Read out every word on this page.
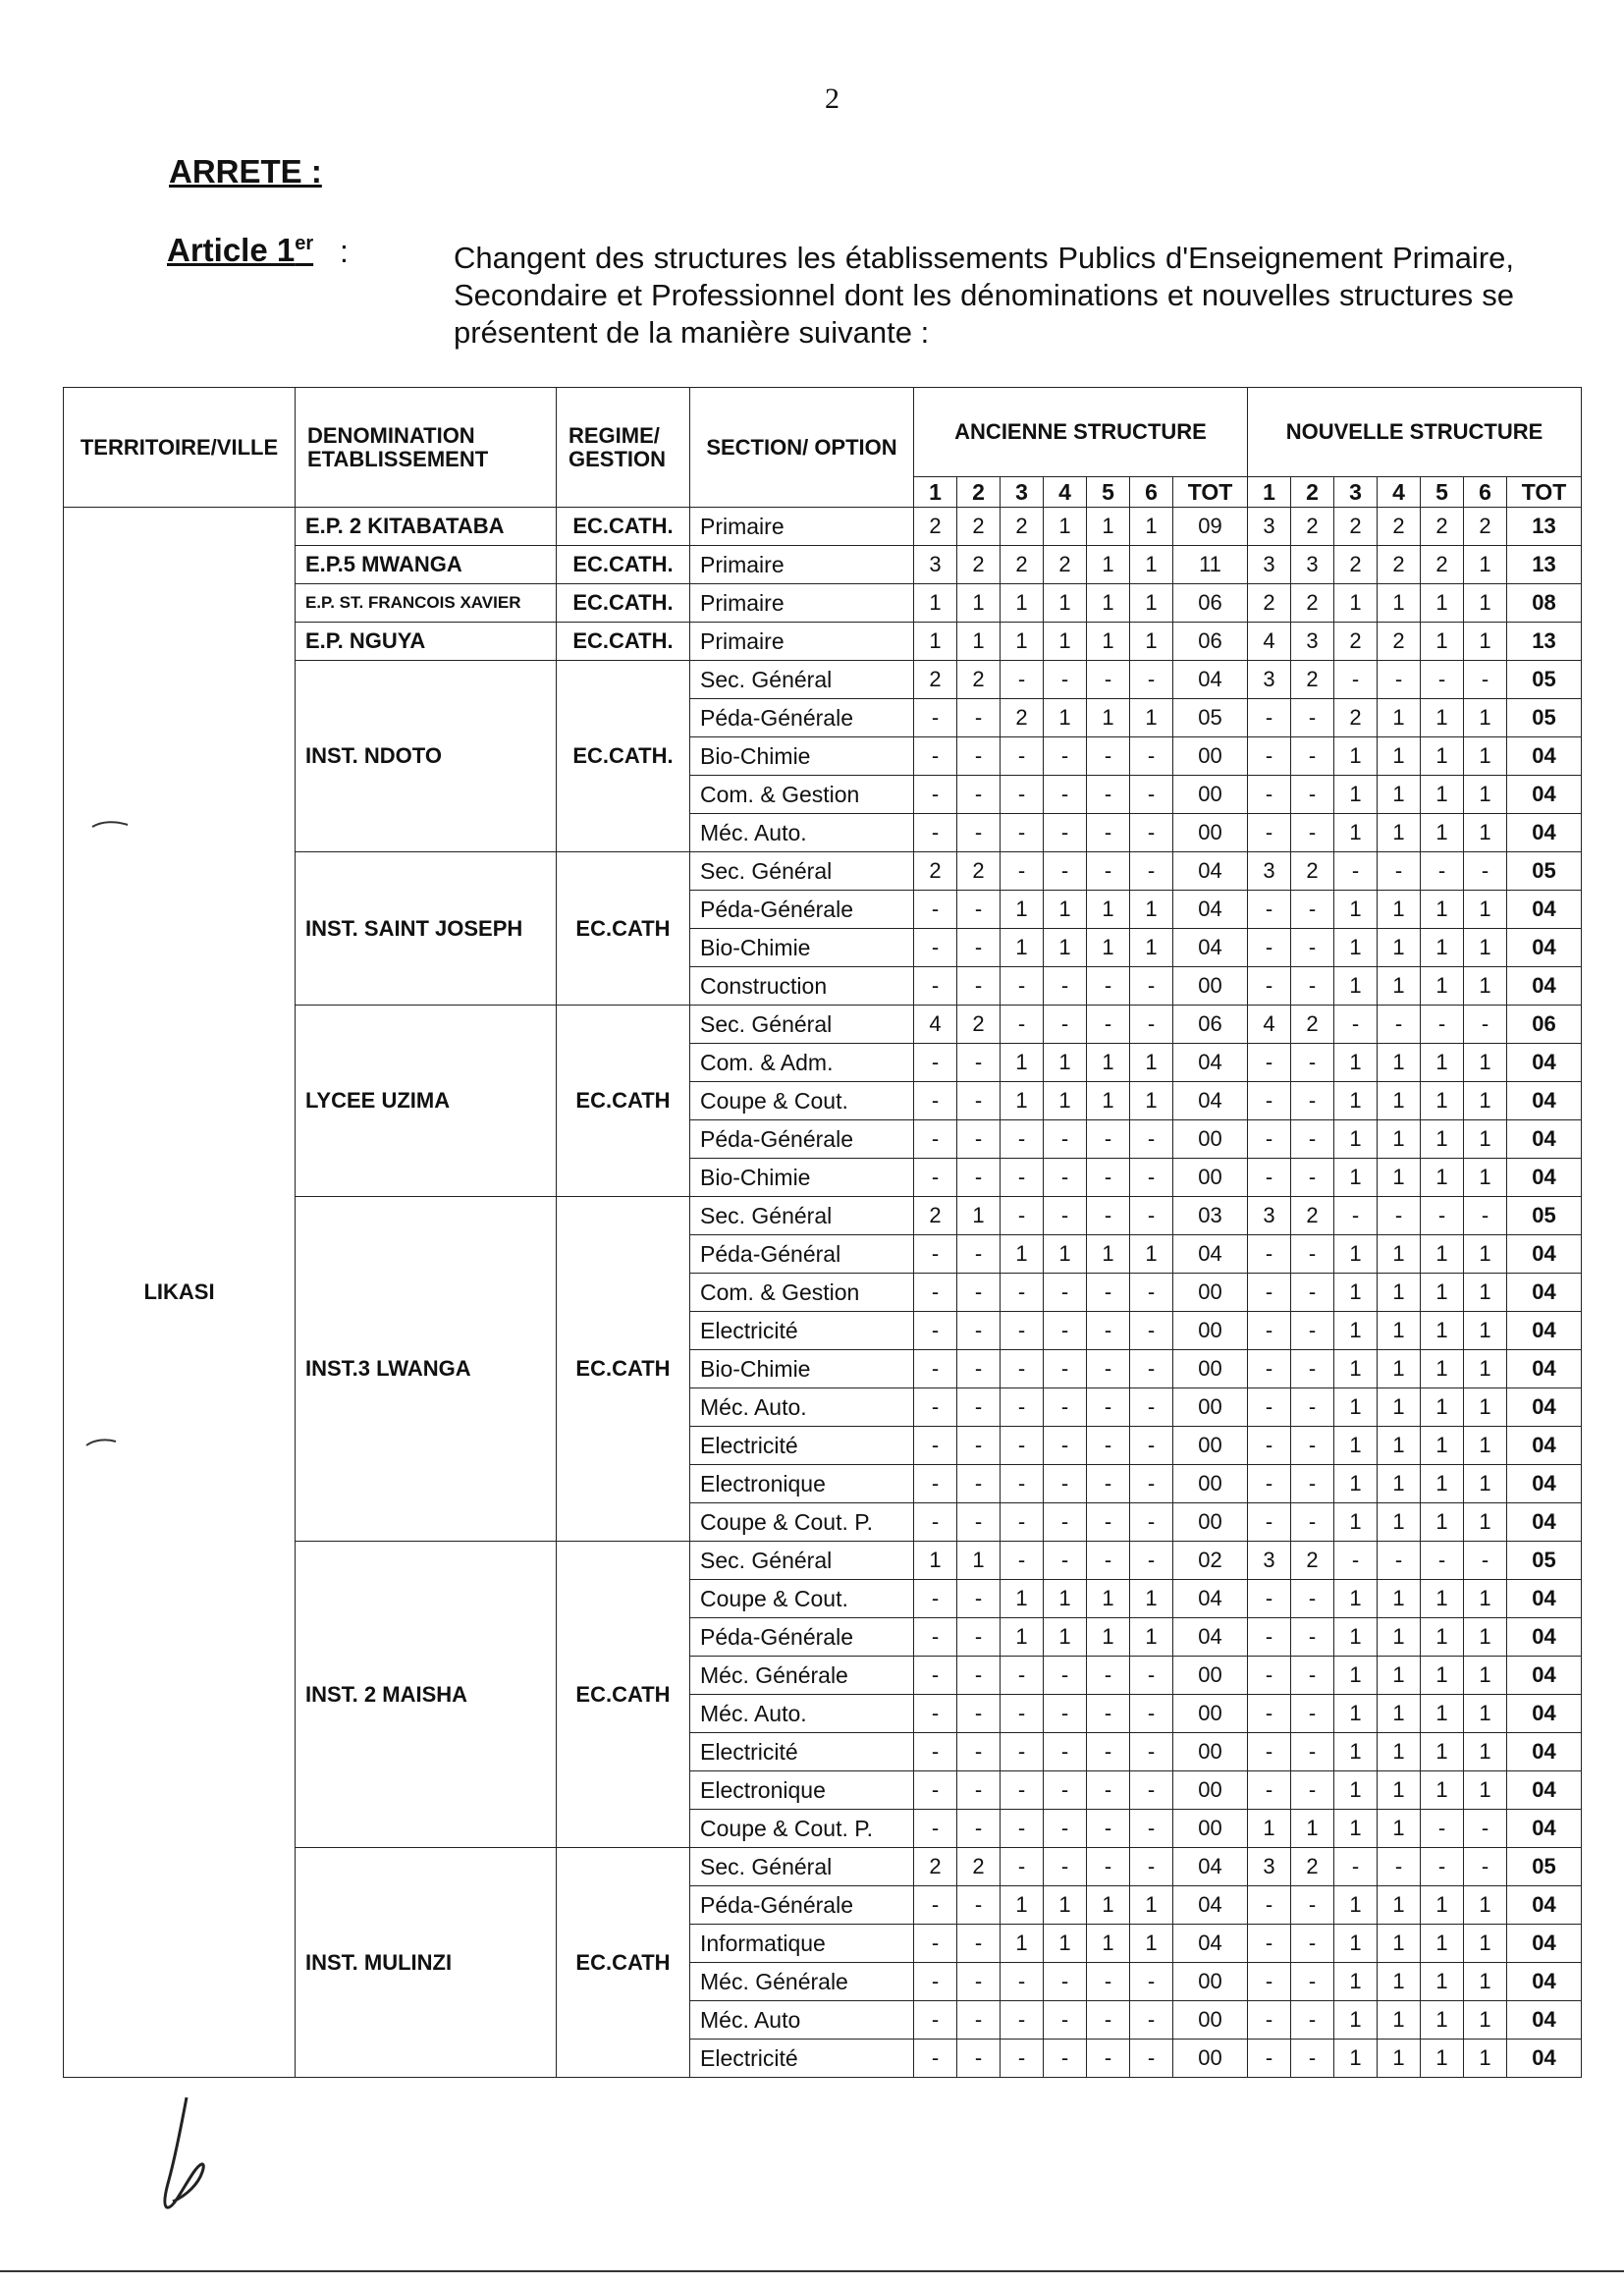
2
ARRETE :
Article 1er :	Changent des structures les établissements Publics d'Enseignement Primaire, Secondaire et Professionnel dont les dénominations et nouvelles structures se présentent de la manière suivante :
TERRITOIRE/VILLE	DENOMINATION ETABLISSEMENT	REGIME/ GESTION	SECTION/ OPTION	ANCIENNE STRUCTURE							NOUVELLE STRUCTURE						
				1	2	3	4	5	6	TOT	1	2	3	4	5	6	TOT
LIKASI	E.P. 2 KITABATABA	EC.CATH.	Primaire	2	2	2	1	1	1	09	3	2	2	2	2	2	13
	E.P.5 MWANGA	EC.CATH.	Primaire	3	2	2	2	1	1	11	3	3	2	2	2	1	13
	E.P. ST. FRANCOIS XAVIER	EC.CATH.	Primaire	1	1	1	1	1	1	06	2	2	1	1	1	1	08
	E.P. NGUYA	EC.CATH.	Primaire	1	1	1	1	1	1	06	4	3	2	2	1	1	13
	INST. NDOTO	EC.CATH.	Sec. Général	2	2	-	-	-	-	04	3	2	-	-	-	-	05
			Péda-Générale	-	-	2	1	1	1	05	-	-	2	1	1	1	05
			Bio-Chimie	-	-	-	-	-	-	00	-	-	1	1	1	1	04
			Com. & Gestion	-	-	-	-	-	-	00	-	-	1	1	1	1	04
			Méc. Auto.	-	-	-	-	-	-	00	-	-	1	1	1	1	04
	INST. SAINT JOSEPH	EC.CATH	Sec. Général	2	2	-	-	-	-	04	3	2	-	-	-	-	05
			Péda-Générale	-	-	1	1	1	1	04	-	-	1	1	1	1	04
			Bio-Chimie	-	-	1	1	1	1	04	-	-	1	1	1	1	04
			Construction	-	-	-	-	-	-	00	-	-	1	1	1	1	04
	LYCEE UZIMA	EC.CATH	Sec. Général	4	2	-	-	-	-	06	4	2	-	-	-	-	06
			Com. & Adm.	-	-	1	1	1	1	04	-	-	1	1	1	1	04
			Coupe & Cout.	-	-	1	1	1	1	04	-	-	1	1	1	1	04
			Péda-Générale	-	-	-	-	-	-	00	-	-	1	1	1	1	04
			Bio-Chimie	-	-	-	-	-	-	00	-	-	1	1	1	1	04
	INST.3 LWANGA	EC.CATH	Sec. Général	2	1	-	-	-	-	03	3	2	-	-	-	-	05
			Péda-Général	-	-	1	1	1	1	04	-	-	1	1	1	1	04
			Com. & Gestion	-	-	-	-	-	-	00	-	-	1	1	1	1	04
			Electricité	-	-	-	-	-	-	00	-	-	1	1	1	1	04
			Bio-Chimie	-	-	-	-	-	-	00	-	-	1	1	1	1	04
			Méc. Auto.	-	-	-	-	-	-	00	-	-	1	1	1	1	04
			Electricité	-	-	-	-	-	-	00	-	-	1	1	1	1	04
			Electronique	-	-	-	-	-	-	00	-	-	1	1	1	1	04
			Coupe & Cout. P.	-	-	-	-	-	-	00	-	-	1	1	1	1	04
	INST. 2 MAISHA	EC.CATH	Sec. Général	1	1	-	-	-	-	02	3	2	-	-	-	-	05
			Coupe & Cout.	-	-	1	1	1	1	04	-	-	1	1	1	1	04
			Péda-Générale	-	-	1	1	1	1	04	-	-	1	1	1	1	04
			Méc. Générale	-	-	-	-	-	-	00	-	-	1	1	1	1	04
			Méc. Auto.	-	-	-	-	-	-	00	-	-	1	1	1	1	04
			Electricité	-	-	-	-	-	-	00	-	-	1	1	1	1	04
			Electronique	-	-	-	-	-	-	00	-	-	1	1	1	1	04
			Coupe & Cout. P.	-	-	-	-	-	-	00	1	1	1	1	-	-	04
	INST. MULINZI	EC.CATH	Sec. Général	2	2	-	-	-	-	04	3	2	-	-	-	-	05
			Péda-Générale	-	-	1	1	1	1	04	-	-	1	1	1	1	04
			Informatique	-	-	1	1	1	1	04	-	-	1	1	1	1	04
			Méc. Générale	-	-	-	-	-	-	00	-	-	1	1	1	1	04
			Méc. Auto	-	-	-	-	-	-	00	-	-	1	1	1	1	04
			Electricité	-	-	-	-	-	-	00	-	-	1	1	1	1	04
